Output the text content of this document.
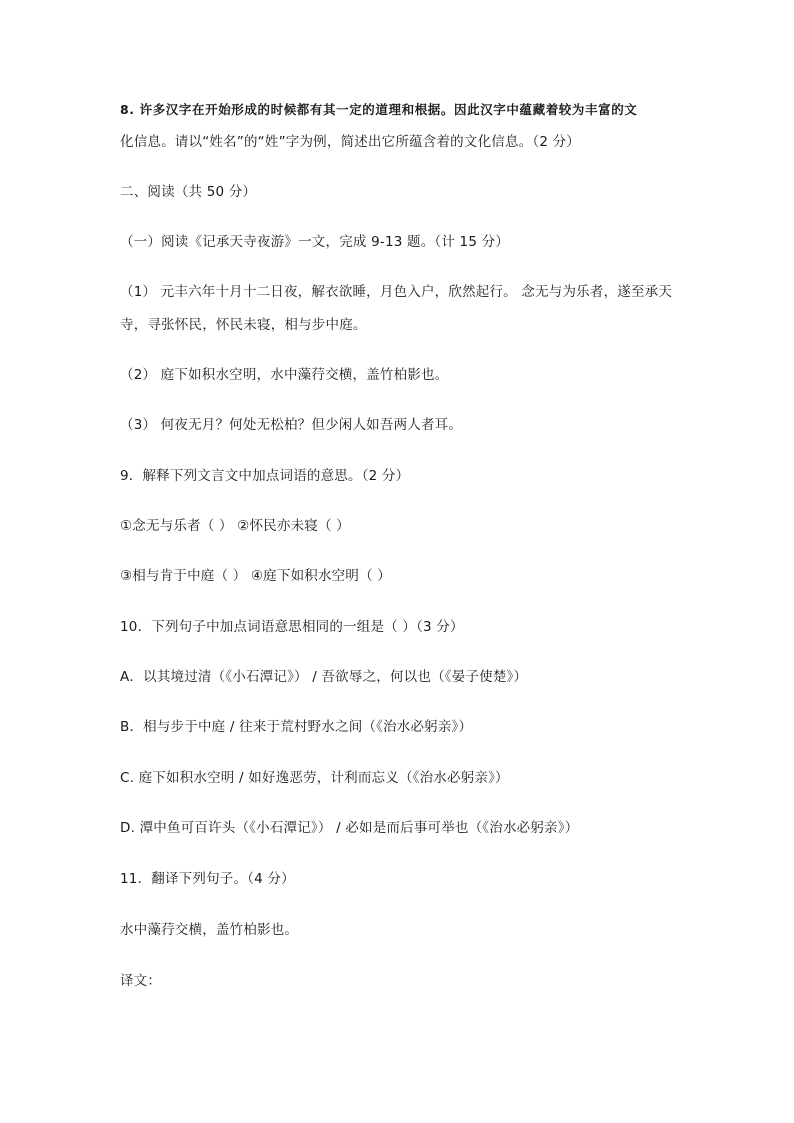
8. 许多汉字在开始形成的时候都有其一定的道理和根据。因此汉字中蕴藏着较为丰富的文
化信息。请以“姓名”的“姓”字为例，简述出它所蕴含着的文化信息。（2 分）
二、阅读（共 50 分）
（一）阅读《记承天寺夜游》一文，完成 9-13 题。（计 15 分）
（1） 元丰六年十月十二日夜，解衣欲睡，月色入户，欣然起行。 念无与为乐者，遂至承天
寺，寻张怀民，怀民未寝，相与步中庭。
（2） 庭下如积水空明，水中藻荇交横，盖竹柏影也。
（3） 何夜无月？何处无松柏？但少闲人如吾两人者耳。
9．解释下列文言文中加点词语的意思。（2 分）
①念无与乐者（ ） ②怀民亦未寝（ ）
③相与肯于中庭（ ） ④庭下如积水空明（ ）
10．下列句子中加点词语意思相同的一组是（ ）（3 分）
A．以其境过清（《小石潭记》） / 吾欲辱之，何以也（《晏子使楚》）
B．相与步于中庭 / 往来于荒村野水之间（《治水必躬亲》）
C. 庭下如积水空明 / 如好逸恶劳，计利而忘义（《治水必躬亲》）
D. 潭中鱼可百许头（《小石潭记》） / 必如是而后事可举也（《治水必躬亲》）
11．翻译下列句子。（4 分）
水中藻荇交横，盖竹柏影也。
译文：
